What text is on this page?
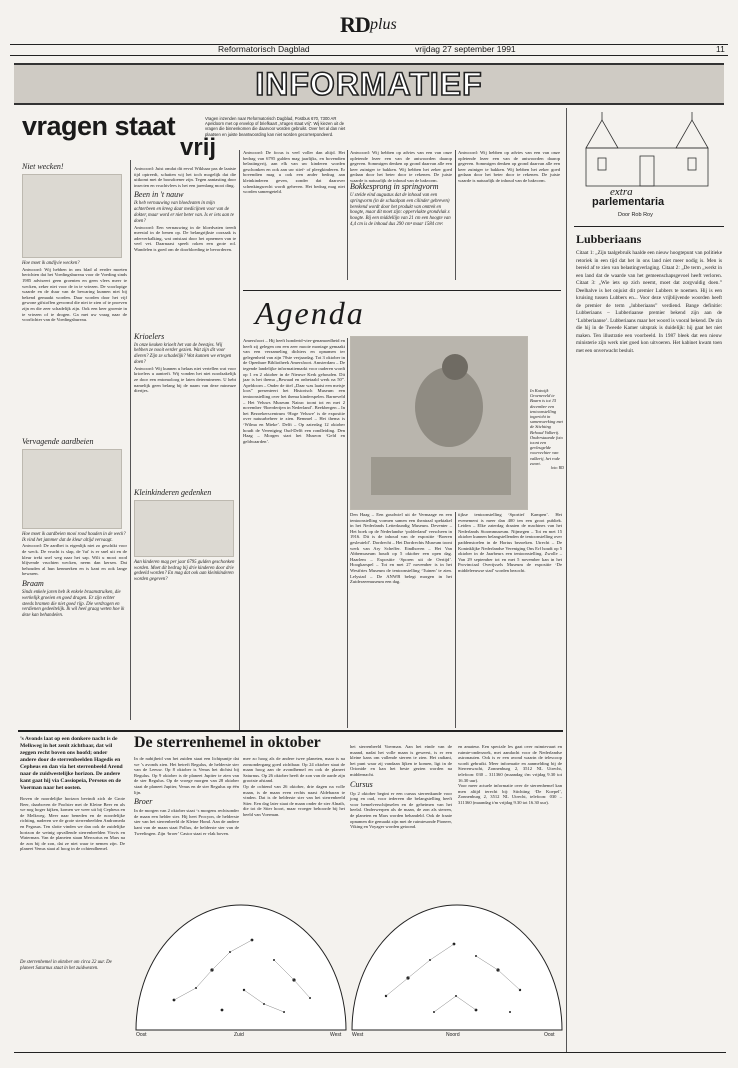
RD plus
Reformatorisch Dagblad	vrijdag 27 september 1991	11
INFORMATIEF
vragen staat
vrij
Vragen inzenden naar Reformatorisch Dagblad, Postbus 670, 7300 AR Apeldoorn met op envelop of briefkaart „Vragen staat vrij”. Wij kiezen uit de vragen die binnenkomen die daarvoor worden gebruikt. Over het al dan niet plaatsen en juiste beantwoording kan niet worden gecorrespondeerd.
Niet wecken!

Hoe moet ik andijvie wecken?

Antwoord: Wij hebben in ons blad al eerder moeten berichten dat het Voedingsbureau voor de Voeding sinds 1985 adviseert geen groenten en geen vlees meer te wecken, zeker niet voor de in te vriezen. De voorlopige waarde en de duur van de bewaring kunnen niet bij bekend gemaakt worden. Daar worden door het vijf gewone gifstoffen gevormd die niet te zien of te proeven zijn en die zeer schadelijk zijn. Ook een keer groente in te vriezen of te drogen. Ga met uw vraag naar de voorlichter van de Voedingsbureau.

Vervagende aardbeien

Hoe moet ik aardbeien mooi rood houden in de weck? Ik vind het jammer dat de kleur altijd vervaagt.

Antwoord: De aardbei is eigenlijk niet zo geschikt voor de weck. De vrucht is slap, de 'fut' is er snel uit en de kleur trekt snel weg naar het sap. Wilt u mooi rood blijvende vruchten wecken, neem dan kersen. Dat behouden al hun kenmerken en is kant en ook lange bewaren.

Braam

Sinds enkele jaren heb ik enkele braamstruiken, die werkelijk groeien en goed dragen. Er zijn echter steeds bramen die niet goed rijp. Die verdragen en verdienen gedeeltelijk. Ik wil heel graag weten hoe ik deze kan behandelen.

Antwoord: Juist omdat dit eevol Wikhaar pas de laatste tijd optreedt, schatten wij het toch mogelijk dat die uitkomt met de boosdoener zijn. Tegen aantasting door insecten en vruchtvlees is het een jarenlang mooi ding.

Been in 't nauw

Ik heb vernauwing van bloedvaten in mijn achterbeen en kreeg daar medicijnen voor van de dokter, maar word er niet beter van. Is er iets aan te doen?

Antwoord: Een vernauwing in de bloedvaten treedt meestal in de benen op. De belangrijkste oorzaak is aderverkalking, wat ontstaat door het opnemen van te veel vet. Daarnaast speelt roken een grote rol. Wandelen is goed om de doorbloeding te bevorderen.

Krioelers

In onze keuken krioelt het van de beestjes. Wij hebben ze nooit eerder gezien. Wat zijn dit voor dieren? Zijn ze schadelijk? Wat kunnen we ertegen doen?

Antwoord: Wij kunnen u helaas niet vertellen wat voor krioelers u aantreft. Wij vonden het niet noodzakelijk ze door een entomoloog te laten determineren. U hebt namelijk geen belang bij de naam van deze mineuze diertjes.

Kleinkinderen gedenken

Aan kinderen mag per jaar 6795 gulden geschonken worden. Moet dit bedrag bij drie kinderen door drie gedeeld worden? En mag dat ook aan kleinkinderen worden gegeven?

Antwoord: De focus is veel voller dan altijd. Het bedrag van 6795 gulden mag jaarlijks, en bovendien belastingvrij, aan elk van uw kinderen worden geschonken en ook aan uw stief- of pleegkinderen. Er bovendien mag u ook een ander bedrag aan kleinkinderen geven, zonder dat daarover schenkingsrecht wordt geheven. Het bedrag mag niet worden samengeteld.

Antwoord: Wij hebben op advies van een van onze opletende lezer een van de antwoorden daarop gegeven. Sommigen denken op grond daarvan alle een keer zuiniger te bakken. Wij hebben het zeker goed gedaan door het beter door te rekenen. De juiste waarde is natuurlijk de inhoud van de bakvorm.

Bokkesprong in springvorm

U stelde eind augustus dat de inhoud van een springvorm (in de schaalpan een cilinder gebreven) berekend wordt door het produkt van omtrek en hoogte, maar dit moet zijn: oppervlakte grondvlak x hoogte. Bij een middellijn van 21 cm een hoogte van 4,4 cm is de inhoud dus 290 cm³ maar 1584 cm³.

Antwoord: Wij hebben op advies van een van onze opletende lezer een van de antwoorden daarop gegeven. Sommigen denken op grond daarvan alle een keer zuiniger te bakken. Wij hebben het zeker goed gedaan door het beter door te rekenen. De juiste waarde is natuurlijk de inhoud van de bakvorm.

Agenda

Amersfoort – Hij heeft hondertd-vier-genamoedheid en heeft zij gelegen om een zeer mooie montage gemaakt van een verzameling dichters en opnamen ter gelegenheid van zijn 70ste verjaardag. Tot 3 oktober in de Openbare Bibliotheek Amersfoort. Amsterdam – De tegende landelijke informatiemarkt voor ouderen wordt op 1 en 2 oktober in de Nieuwe Kerk gehouden. Dit jaar is het thema „Bewaad en onbetaald werk na 50”. Apeldoorn – Onder de titel „Daar was laatst een meisje loos” presenteert het Historisch Museum een tentoonstelling over het thema kinderspelen. Barneveld – Het Veluws Museum Nairac toont tot en met 2 november ‘Boerderijen in Nederland’. Beekbergen – In het Bezoekerscentrum ‘Hoge Veluwe’ is de expositie over natuurbeheer te zien. Bemmel – Het thema is ‘Wilma en Mieke’. Delft – Op zaterdag 12 oktober houdt de Vereniging Oud-Delft een rondleiding. Den Haag – Morgen start het Museon ‘Geld en geldwaarden’.

In Katwijk Groeneveld te Baarn is tot 15 december een tentoonstelling ingericht in samenwerking met de Stichting Behoud Valkerij. Onderstaande foto toont een gevleugelde voorvechter van valkerij, het rode zwart.

foto: RD

Den Haag – Een goudwiel uit de Vermaage en een tentoonstelling vormen samen een theatraal spektakel in het Nederlands Letterkundig Museum. Deventer – Het boek op de Nederlandse ‘polderland’ verscheen in 1916. Dit is de inhoud van de expositie ‘Boeren gesleuteld’. Dordrecht – Het Dordrechts Museum toont werk van Ary Scheffer. Eindhoven – Het Van Abbemuseum houdt op 5 oktober een open dag. Haarlem – Expositie ‘Sporen uit de Oertijd’. Hoogkarspel – Tot en met 27 november is in het Westfries Museum de tentoonstelling ‘Tuinen’ te zien. Lelystad – De ANWB belegt morgen in het Zuiderzeemuseum een dag.

tijkse tentoonstelling ‘Sportief Kampen’. Het evenement is meer dan 400 ten een groot publiek. Leiden – Elke zaterdag draaien de machines van het Nederlands Stoommuseum. Nijmegen – Tot en met 15 oktober kunnen belangstellenden de tentoonstelling over paddenstoelen in de Hortus bezoeken. Utrecht – De Koninklijke Nederlandse Vereniging Ons Erf houdt op 5 oktober in de Jaarbeurs een tentoonstelling. Zwolle – Van 29 september tot en met 5 november kan in het Provinciaal Overijssels Museum de expositie ‘De middeleeuwse stad’ worden bezocht.

extra
parlementaria
Door Rob Roy
Lubberiaans

Citaat 1: „Zijn taalgebruik haalde een nieuw hoogtepunt van politieke retoriek in een tijd dat het in ons land niet meer nodig is. Men is bereid af te zien van belastingverlaging. Citaat 2: „De term „werkt in een land dat de waarde van het gemeenschapsgevoel heeft verloren. Citaat 3: „Wie iets op zich neemt, moet dat zorgvuldig doen.” Deelhalve is het onjuist dit premier Lubbers te noemen. Hij is een kruising tussen Lubbers en... Voor deze vrijblijvende woorden heeft de premier de term „lubberiaans” verdiend. Bange definitie: Lubberiaans – Lubberiaanse premier bekend zijn aan de ‘Lubberiaanse’. Lubberiaans maar het woord is vooral bekend. De zin die hij in de Tweede Kamer uitsprak is duidelijk: hij gaat het niet maken. Ten illustratie een voorbeeld. In 1987 bleek dat een nieuw ministerie zijn werk niet goed kon uitvoeren. Het kabinet kwam toen met een onverwacht besluit.

’s Avonds laat op een donkere nacht is de Melkweg in het zenit zichtbaar, dat wil zeggen recht boven ons hoofd; onder andere door de sterrenbeelden Hagedis en Cepheus en dan via het sterrenbeeld Arend naar de zuidwestelijke horizon. De andere kant gaat hij via Cassiopeia, Perseus en de Voerman naar het oosten.

Boven de noordelijke horizon bevindt zich de Grote Beer, daarboven de Poolster met de Kleine Beer en als we nog hoger kijken, komen we weer uit bij Cepheus en de Melkweg. Meer naar beneden en de noordelijke richting, naderen we de grote sterrenbeelden Andromeda en Pegasus. Ten slotte vinden we dan ook de zuidelijke horizon de weinig opvallende sterrenbeelden Visvis en Waterman. Van de planeten staan Mercurius en Mars na de zon bij de zon, dat ze niet waar te nemen zijn. De planeet Venus staat al hoog in de ochtendhemel.

De sterrenhemel in oktober om circa 22 uur. De planeet Saturnus staat in het zuidwesten.

De sterrenhemel in oktober

In de nabijheid van het zuiden staat een lichtpuntje dat we ’s avonds zien. Het betreft Regulus, de helderste ster van de Leeuw. Op 8 oktober is Venus het dichtst bij Regulus. Op 9 oktober is de planeet Jupiter te zien van de ster Regulus. Op de vroege morgen van 28 oktober staat de planeet Jupiter, Venus en de ster Regulus op één lijn.

Broer

In de morgen van 2 oktober staat ‘s morgens rechtsonder de maan een helder ster. Hij heet Procyon, de helderste ster van het sterrenbeeld de Kleine Hond. Aan de andere kant van de maan staat Pollux, de helderste ster van de Tweelingen. Zijn ‘broer’ Castor staat er vlak boven.

mee zo hoog als de andere twee planeten, maar is na zonsondergang goed zichtbaar. Op 24 oktober staat de maan hoog aan de avondhemel en ook de planeet Saturnus. Op 26 oktober heeft de zon van de aarde zijn grootste afstand.

Op de ochtend van 26 oktober, drie dagen na volle maan, is de maan even rechts naast Aldebaran te vinden. Dat is de helderste ster van het sterrenbeeld Stier. Een dag later staat de maan onder de ster Alnath, die tot de Stier hoort, maar vroeger behoorde bij het beeld van Voerman.

het sterrenbeeld Voerman. Aan het einde van de maand, nadat het volle maan is geweest, is er een kleine kans om vallende sterren te zien. Het radiant, het punt waar zij vandaan lijken te komen, ligt in de Orionide en kan het beste gezien worden na middernacht.

Cursus

Op 2 oktober begint er een cursus sterrenkunde voor jong en oud, voor iedereen die belangstelling heeft voor hemelverschijnselen en de geheimen van het heelal. Onderwerpen als de maan, de zon als sterren, de planeten en Mars worden behandeld. Ook de fraaie opnamen die gemaakt zijn met de ruimtesonde Pioneer, Viking en Voyager worden getoond.

en amateur. Een speciale les gaat over ruimtevaart en ruimte-onderzoek, met aandacht voor de Nederlandse astronauten. Ook is er een avond waarin de telescoop wordt gebruikt. Meer informatie en aanmelding bij de Sterrenwacht, Zonnenburg 2, 3512 NL Utrecht, telefoon: 030 – 311360 (maandag t/m vrijdag 9.30 tot 16.30 uur).

Voor meer actuele informatie over de sterrenhemel kan men altijd terecht bij: Stichting ‘De Koepel’, Zonnenburg 2, 3512 NL Utrecht, telefoon: 030 – 311360 (maandag t/m vrijdag 9.30 tot 16.30 uur).

Oost	Zuid	West West	Noord	Oost
